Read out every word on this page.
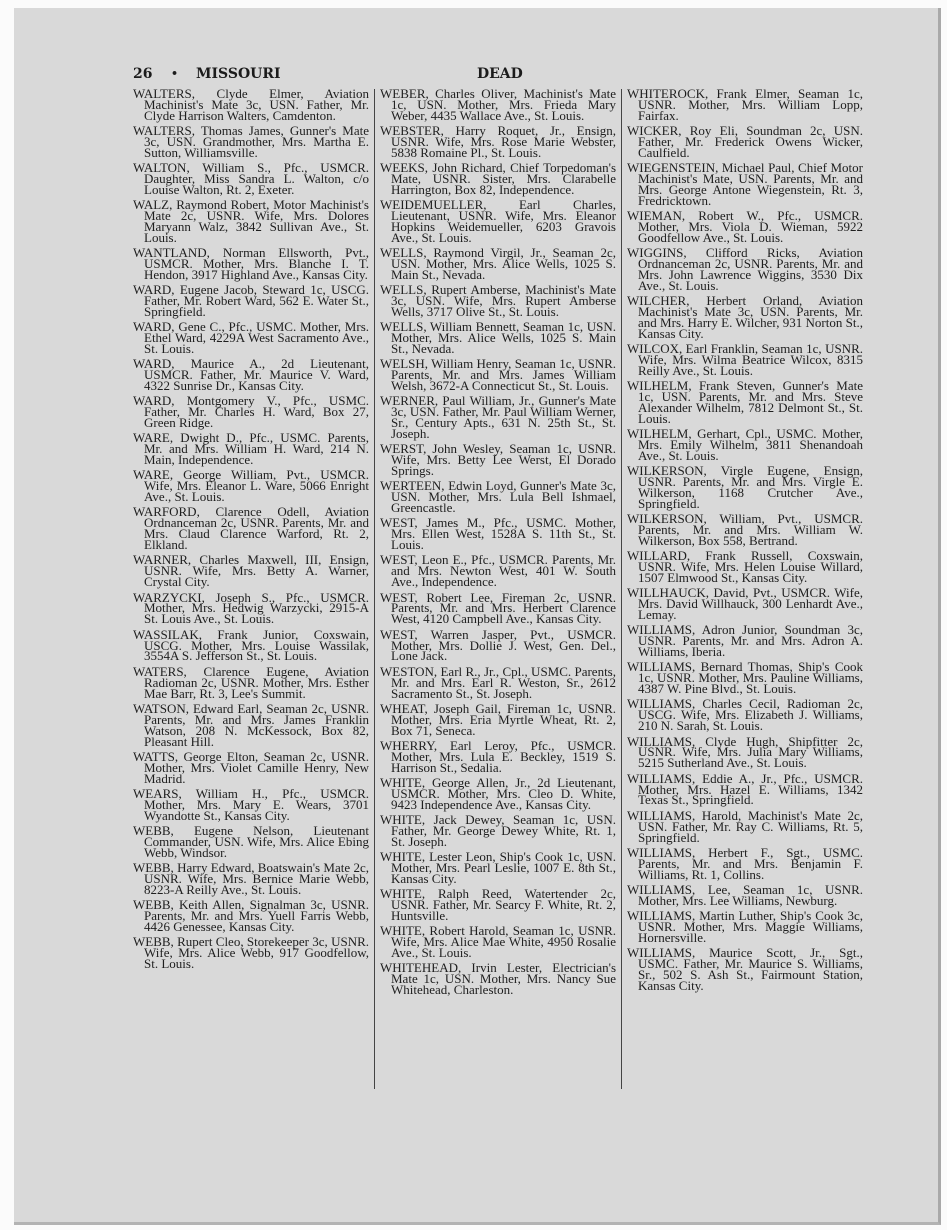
26 • MISSOURI	DEAD

WALTERS, Clyde Elmer, Aviation Machinist's Mate 3c, USN. Father, Mr. Clyde Harrison Walters, Camdenton.

WALTERS, Thomas James, Gunner's Mate 3c, USN. Grandmother, Mrs. Martha E. Sutton, Williamsville.

WALTON, William S., Pfc., USMCR. Daughter, Miss Sandra L. Walton, c/o Louise Walton, Rt. 2, Exeter.

WALZ, Raymond Robert, Motor Machinist's Mate 2c, USNR. Wife, Mrs. Dolores Maryann Walz, 3842 Sullivan Ave., St. Louis.

WANTLAND, Norman Ellsworth, Pvt., USMCR. Mother, Mrs. Blanche I. T. Hendon, 3917 Highland Ave., Kansas City.

WARD, Eugene Jacob, Steward 1c, USCG. Father, Mr. Robert Ward, 562 E. Water St., Springfield.

WARD, Gene C., Pfc., USMC. Mother, Mrs. Ethel Ward, 4229A West Sacramento Ave., St. Louis.

WARD, Maurice A., 2d Lieutenant, USMCR. Father, Mr. Maurice V. Ward, 4322 Sunrise Dr., Kansas City.

WARD, Montgomery V., Pfc., USMC. Father, Mr. Charles H. Ward, Box 27, Green Ridge.

WARE, Dwight D., Pfc., USMC. Parents, Mr. and Mrs. William H. Ward, 214 N. Main, Independence.

WARE, George William, Pvt., USMCR. Wife, Mrs. Eleanor L. Ware, 5066 Enright Ave., St. Louis.

WARFORD, Clarence Odell, Aviation Ordnanceman 2c, USNR. Parents, Mr. and Mrs. Claud Clarence Warford, Rt. 2, Elkland.

WARNER, Charles Maxwell, III, Ensign, USNR. Wife, Mrs. Betty A. Warner, Crystal City.

WARZYCKI, Joseph S., Pfc., USMCR. Mother, Mrs. Hedwig Warzycki, 2915-A St. Louis Ave., St. Louis.

WASSILAK, Frank Junior, Coxswain, USCG. Mother, Mrs. Louise Wassilak, 3554A S. Jefferson St., St. Louis.

WATERS, Clarence Eugene, Aviation Radioman 2c, USNR. Mother, Mrs. Esther Mae Barr, Rt. 3, Lee's Summit.

WATSON, Edward Earl, Seaman 2c, USNR. Parents, Mr. and Mrs. James Franklin Watson, 208 N. McKessock, Box 82, Pleasant Hill.

WATTS, George Elton, Seaman 2c, USNR. Mother, Mrs. Violet Camille Henry, New Madrid.

WEARS, William H., Pfc., USMCR. Mother, Mrs. Mary E. Wears, 3701 Wyandotte St., Kansas City.

WEBB, Eugene Nelson, Lieutenant Commander, USN. Wife, Mrs. Alice Ebing Webb, Windsor.

WEBB, Harry Edward, Boatswain's Mate 2c, USNR. Wife, Mrs. Bernice Marie Webb, 8223-A Reilly Ave., St. Louis.

WEBB, Keith Allen, Signalman 3c, USNR. Parents, Mr. and Mrs. Yuell Farris Webb, 4426 Genessee, Kansas City.

WEBB, Rupert Cleo, Storekeeper 3c, USNR. Wife, Mrs. Alice Webb, 917 Goodfellow, St. Louis.

WEBER, Charles Oliver, Machinist's Mate 1c, USN. Mother, Mrs. Frieda Mary Weber, 4435 Wallace Ave., St. Louis.

WEBSTER, Harry Roquet, Jr., Ensign, USNR. Wife, Mrs. Rose Marie Webster, 5838 Romaine Pl., St. Louis.

WEEKS, John Richard, Chief Torpedoman's Mate, USNR. Sister, Mrs. Clarabelle Harrington, Box 82, Independence.

WEIDEMUELLER, Earl Charles, Lieutenant, USNR. Wife, Mrs. Eleanor Hopkins Weidemueller, 6203 Gravois Ave., St. Louis.

WELLS, Raymond Virgil, Jr., Seaman 2c, USN. Mother, Mrs. Alice Wells, 1025 S. Main St., Nevada.

WELLS, Rupert Amberse, Machinist's Mate 3c, USN. Wife, Mrs. Rupert Amberse Wells, 3717 Olive St., St. Louis.

WELLS, William Bennett, Seaman 1c, USN. Mother, Mrs. Alice Wells, 1025 S. Main St., Nevada.

WELSH, William Henry, Seaman 1c, USNR. Parents, Mr. and Mrs. James William Welsh, 3672-A Connecticut St., St. Louis.

WERNER, Paul William, Jr., Gunner's Mate 3c, USN. Father, Mr. Paul William Werner, Sr., Century Apts., 631 N. 25th St., St. Joseph.

WERST, John Wesley, Seaman 1c, USNR. Wife, Mrs. Betty Lee Werst, El Dorado Springs.

WERTEEN, Edwin Loyd, Gunner's Mate 3c, USN. Mother, Mrs. Lula Bell Ishmael, Greencastle.

WEST, James M., Pfc., USMC. Mother, Mrs. Ellen West, 1528A S. 11th St., St. Louis.

WEST, Leon E., Pfc., USMCR. Parents, Mr. and Mrs. Newton West, 401 W. South Ave., Independence.

WEST, Robert Lee, Fireman 2c, USNR. Parents, Mr. and Mrs. Herbert Clarence West, 4120 Campbell Ave., Kansas City.

WEST, Warren Jasper, Pvt., USMCR. Mother, Mrs. Dollie J. West, Gen. Del., Lone Jack.

WESTON, Earl R., Jr., Cpl., USMC. Parents, Mr. and Mrs. Earl R. Weston, Sr., 2612 Sacramento St., St. Joseph.

WHEAT, Joseph Gail, Fireman 1c, USNR. Mother, Mrs. Eria Myrtle Wheat, Rt. 2, Box 71, Seneca.

WHERRY, Earl Leroy, Pfc., USMCR. Mother, Mrs. Lula E. Beckley, 1519 S. Harrison St., Sedalia.

WHITE, George Allen, Jr., 2d Lieutenant, USMCR. Mother, Mrs. Cleo D. White, 9423 Independence Ave., Kansas City.

WHITE, Jack Dewey, Seaman 1c, USN. Father, Mr. George Dewey White, Rt. 1, St. Joseph.

WHITE, Lester Leon, Ship's Cook 1c, USN. Mother, Mrs. Pearl Leslie, 1007 E. 8th St., Kansas City.

WHITE, Ralph Reed, Watertender 2c, USNR. Father, Mr. Searcy F. White, Rt. 2, Huntsville.

WHITE, Robert Harold, Seaman 1c, USNR. Wife, Mrs. Alice Mae White, 4950 Rosalie Ave., St. Louis.

WHITEHEAD, Irvin Lester, Electrician's Mate 1c, USN. Mother, Mrs. Nancy Sue Whitehead, Charleston.

WHITEROCK, Frank Elmer, Seaman 1c, USNR. Mother, Mrs. William Lopp, Fairfax.

WICKER, Roy Eli, Soundman 2c, USN. Father, Mr. Frederick Owens Wicker, Caulfield.

WIEGENSTEIN, Michael Paul, Chief Motor Machinist's Mate, USN. Parents, Mr. and Mrs. George Antone Wiegenstein, Rt. 3, Fredricktown.

WIEMAN, Robert W., Pfc., USMCR. Mother, Mrs. Viola D. Wieman, 5922 Goodfellow Ave., St. Louis.

WIGGINS, Clifford Ricks, Aviation Ordnanceman 2c, USNR. Parents, Mr. and Mrs. John Lawrence Wiggins, 3530 Dix Ave., St. Louis.

WILCHER, Herbert Orland, Aviation Machinist's Mate 3c, USN. Parents, Mr. and Mrs. Harry E. Wilcher, 931 Norton St., Kansas City.

WILCOX, Earl Franklin, Seaman 1c, USNR. Wife, Mrs. Wilma Beatrice Wilcox, 8315 Reilly Ave., St. Louis.

WILHELM, Frank Steven, Gunner's Mate 1c, USN. Parents, Mr. and Mrs. Steve Alexander Wilhelm, 7812 Delmont St., St. Louis.

WILHELM, Gerhart, Cpl., USMC. Mother, Mrs. Emily Wilhelm, 3811 Shenandoah Ave., St. Louis.

WILKERSON, Virgle Eugene, Ensign, USNR. Parents, Mr. and Mrs. Virgle E. Wilkerson, 1168 Crutcher Ave., Springfield.

WILKERSON, William, Pvt., USMCR. Parents, Mr. and Mrs. William W. Wilkerson, Box 558, Bertrand.

WILLARD, Frank Russell, Coxswain, USNR. Wife, Mrs. Helen Louise Willard, 1507 Elmwood St., Kansas City.

WILLHAUCK, David, Pvt., USMCR. Wife, Mrs. David Willhauck, 300 Lenhardt Ave., Lemay.

WILLIAMS, Adron Junior, Soundman 3c, USNR. Parents, Mr. and Mrs. Adron A. Williams, Iberia.

WILLIAMS, Bernard Thomas, Ship's Cook 1c, USNR. Mother, Mrs. Pauline Williams, 4387 W. Pine Blvd., St. Louis.

WILLIAMS, Charles Cecil, Radioman 2c, USCG. Wife, Mrs. Elizabeth J. Williams, 210 N. Sarah, St. Louis.

WILLIAMS, Clyde Hugh, Shipfitter 2c, USNR. Wife, Mrs. Julia Mary Williams, 5215 Sutherland Ave., St. Louis.

WILLIAMS, Eddie A., Jr., Pfc., USMCR. Mother, Mrs. Hazel E. Williams, 1342 Texas St., Springfield.

WILLIAMS, Harold, Machinist's Mate 2c, USN. Father, Mr. Ray C. Williams, Rt. 5, Springfield.

WILLIAMS, Herbert F., Sgt., USMC. Parents, Mr. and Mrs. Benjamin F. Williams, Rt. 1, Collins.

WILLIAMS, Lee, Seaman 1c, USNR. Mother, Mrs. Lee Williams, Newburg.

WILLIAMS, Martin Luther, Ship's Cook 3c, USNR. Mother, Mrs. Maggie Williams, Hornersville.

WILLIAMS, Maurice Scott, Jr., Sgt., USMC. Father, Mr. Maurice S. Williams, Sr., 502 S. Ash St., Fairmount Station, Kansas City.
